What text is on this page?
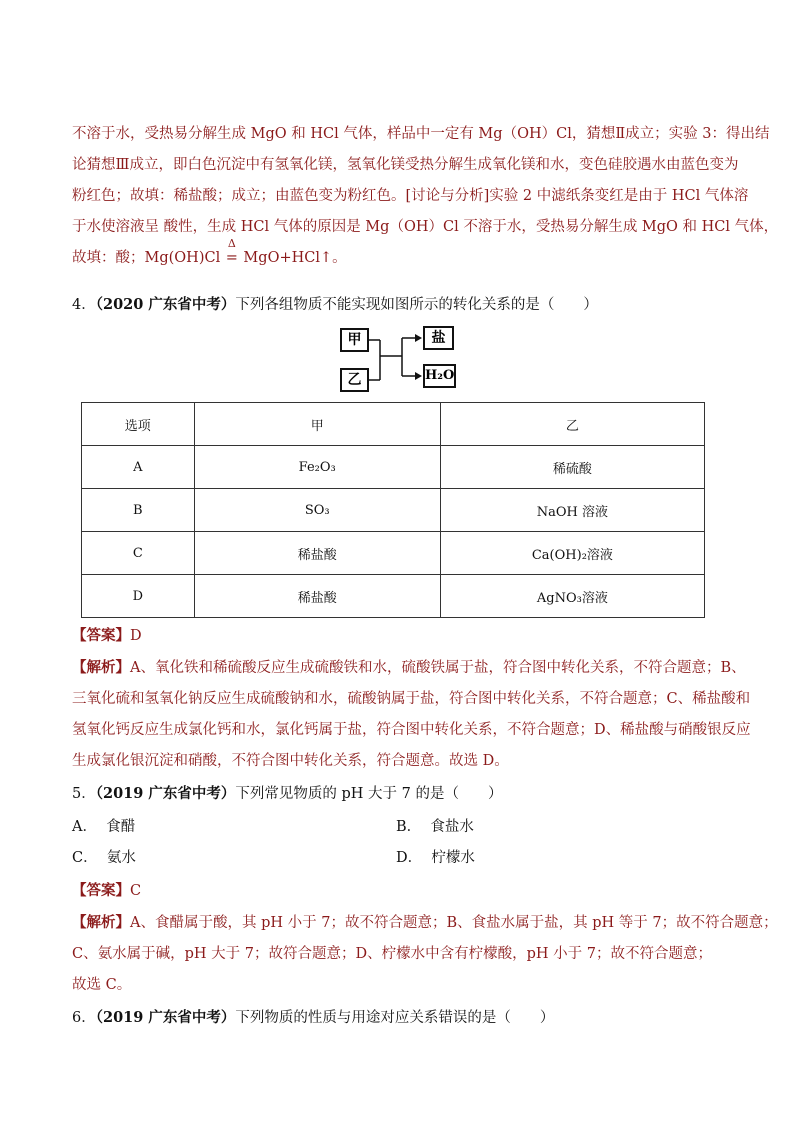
不溶于水，受热易分解生成 MgO 和 HCl 气体，样品中一定有 Mg（OH）Cl，猜想Ⅱ成立；实验 3：得出结
论猜想Ⅲ成立，即白色沉淀中有氢氧化镁，氢氧化镁受热分解生成氧化镁和水，变色硅胶遇水由蓝色变为
粉红色；故填：稀盐酸；成立；由蓝色变为粉红色。[讨论与分析]实验 2 中滤纸条变红是由于 HCl 气体溶
于水使溶液呈 酸性，生成 HCl 气体的原因是 Mg（OH）Cl 不溶于水，受热易分解生成 MgO 和 HCl 气体，
故填：酸；Mg(OH)Cl
Δ
= MgO+HCl↑。
4．（2020 广东省中考）下列各组物质不能实现如图所示的转化关系的是（　　）
甲
乙
盐
H₂O
选项	甲	乙
A	Fe₂O₃	稀硫酸
B	SO₃	NaOH 溶液
C	稀盐酸	Ca(OH)₂溶液
D	稀盐酸	AgNO₃溶液
【答案】D
【解析】A、氧化铁和稀硫酸反应生成硫酸铁和水，硫酸铁属于盐，符合图中转化关系，不符合题意；B、
三氧化硫和氢氧化钠反应生成硫酸钠和水，硫酸钠属于盐，符合图中转化关系，不符合题意；C、稀盐酸和
氢氧化钙反应生成氯化钙和水，氯化钙属于盐，符合图中转化关系，不符合题意；D、稀盐酸与硝酸银反应
生成氯化银沉淀和硝酸，不符合图中转化关系，符合题意。故选 D。
5．（2019 广东省中考）下列常见物质的 pH 大于 7 的是（　　）
A． 食醋	B． 食盐水
C． 氨水	D． 柠檬水
【答案】C
【解析】A、食醋属于酸，其 pH 小于 7；故不符合题意；B、食盐水属于盐，其 pH 等于 7；故不符合题意；
C、氨水属于碱，pH 大于 7；故符合题意；D、柠檬水中含有柠檬酸，pH 小于 7；故不符合题意；
故选 C。
6．（2019 广东省中考）下列物质的性质与用途对应关系错误的是（　　）
